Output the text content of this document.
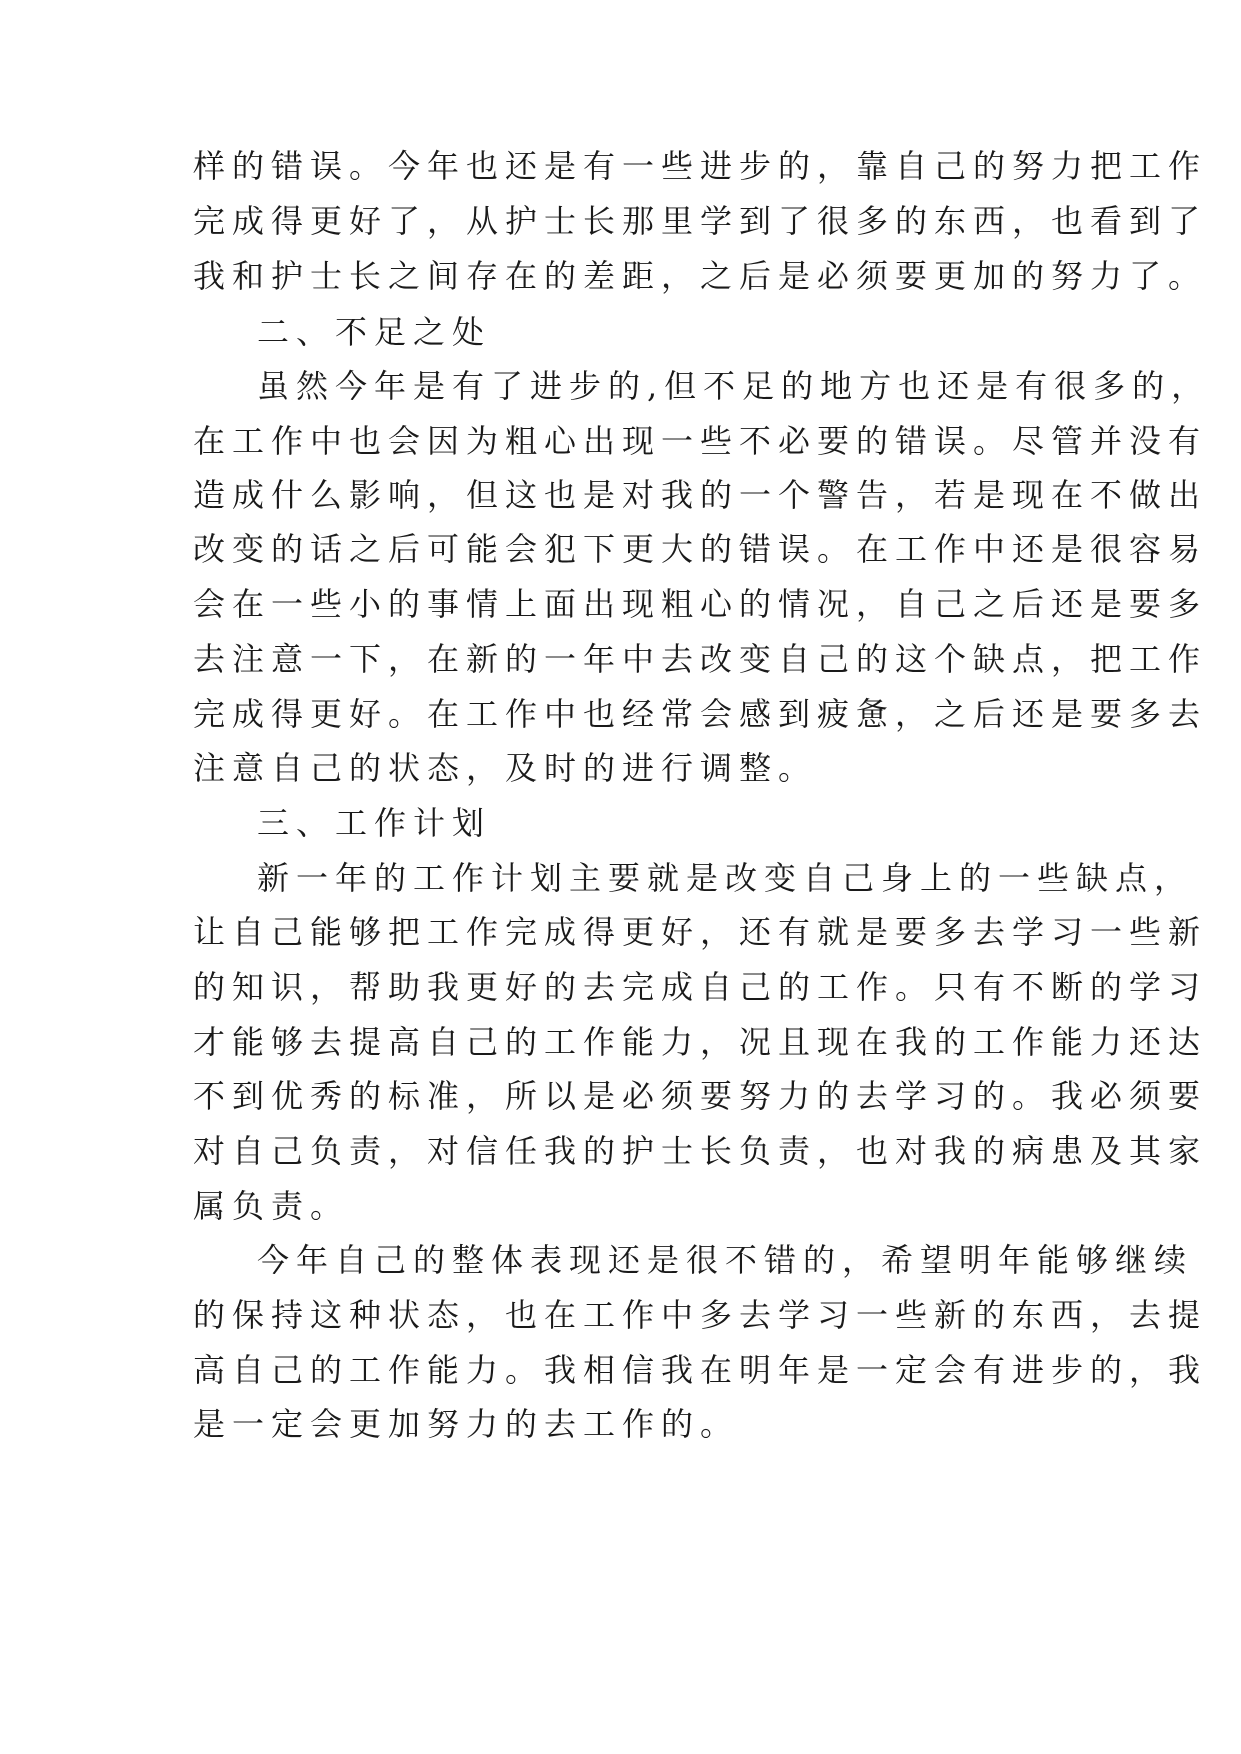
样的错误。今年也还是有一些进步的，靠自己的努力把工作
完成得更好了，从护士长那里学到了很多的东西，也看到了
我和护士长之间存在的差距，之后是必须要更加的努力了。
二、不足之处
虽然今年是有了进步的,但不足的地方也还是有很多的，
在工作中也会因为粗心出现一些不必要的错误。尽管并没有
造成什么影响，但这也是对我的一个警告，若是现在不做出
改变的话之后可能会犯下更大的错误。在工作中还是很容易
会在一些小的事情上面出现粗心的情况，自己之后还是要多
去注意一下，在新的一年中去改变自己的这个缺点，把工作
完成得更好。在工作中也经常会感到疲惫，之后还是要多去
注意自己的状态，及时的进行调整。
三、工作计划
新一年的工作计划主要就是改变自己身上的一些缺点，
让自己能够把工作完成得更好，还有就是要多去学习一些新
的知识，帮助我更好的去完成自己的工作。只有不断的学习
才能够去提高自己的工作能力，况且现在我的工作能力还达
不到优秀的标准，所以是必须要努力的去学习的。我必须要
对自己负责，对信任我的护士长负责，也对我的病患及其家
属负责。
今年自己的整体表现还是很不错的，希望明年能够继续
的保持这种状态，也在工作中多去学习一些新的东西，去提
高自己的工作能力。我相信我在明年是一定会有进步的，我
是一定会更加努力的去工作的。
